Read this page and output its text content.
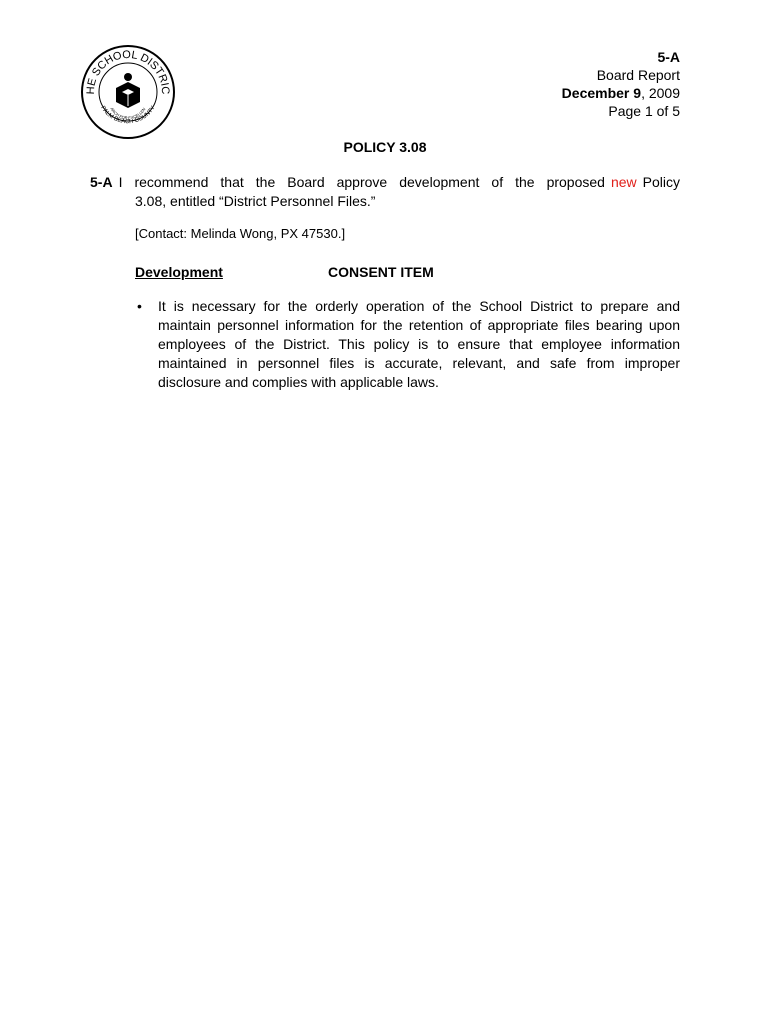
HE SCHOOL DISTRIC
PALM BEACH COUNTY
ARCH FOR EXCELLEN
5-A
Board Report
December 9, 2009
Page 1 of 5
POLICY 3.08
5-A I recommend that the Board approve development of the proposed new Policy
3.08, entitled “District Personnel Files.”
[Contact: Melinda Wong, PX 47530.]
Development	CONSENT ITEM
• It is necessary for the orderly operation of the School District to prepare and maintain personnel information for the retention of appropriate files bearing upon employees of the District. This policy is to ensure that employee information maintained in personnel files is accurate, relevant, and safe from improper disclosure and complies with applicable laws.
